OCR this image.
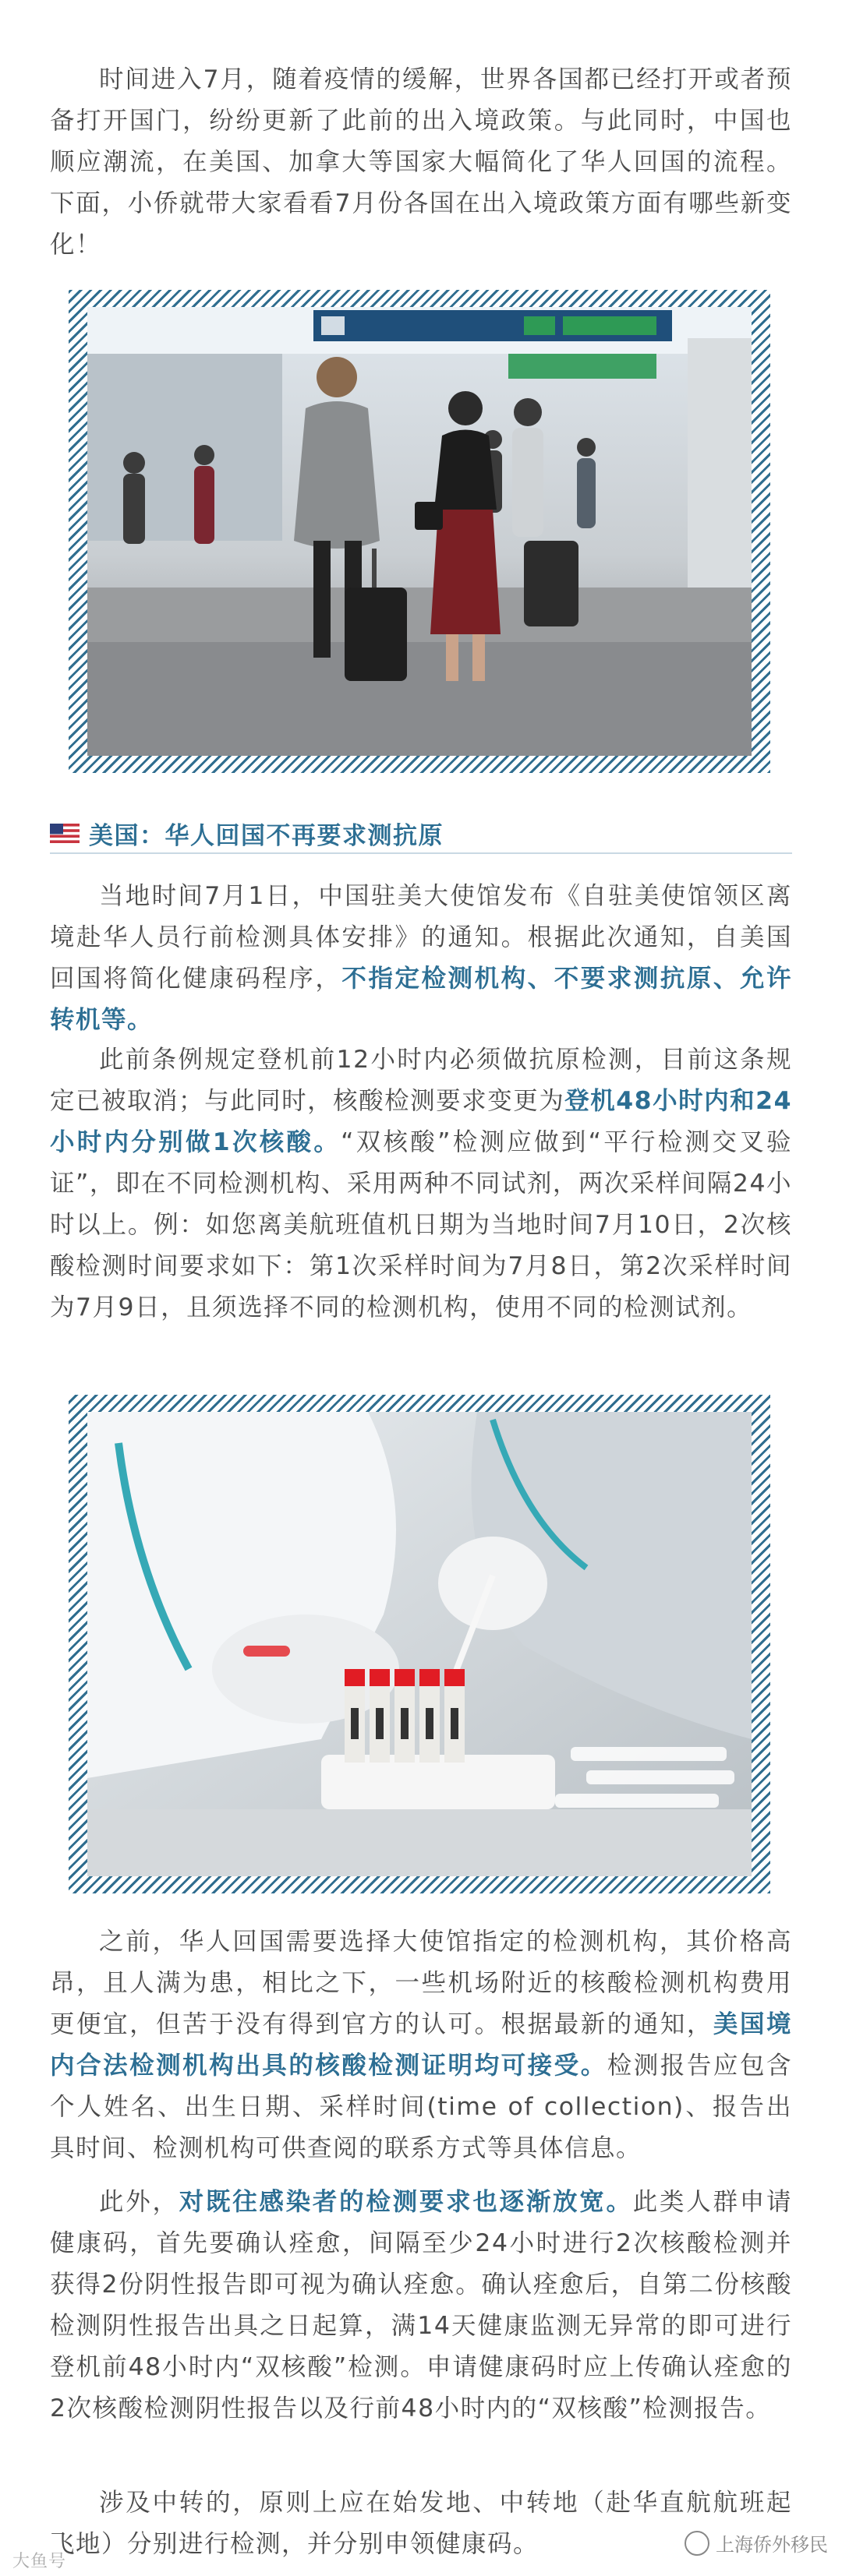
时间进入7月，随着疫情的缓解，世界各国都已经打开或者预备打开国门，纷纷更新了此前的出入境政策。与此同时，中国也顺应潮流，在美国、加拿大等国家大幅简化了华人回国的流程。下面，小侨就带大家看看7月份各国在出入境政策方面有哪些新变化！

美国：华人回国不再要求测抗原

当地时间7月1日，中国驻美大使馆发布《自驻美使馆领区离境赴华人员行前检测具体安排》的通知。根据此次通知，自美国回国将简化健康码程序，不指定检测机构、不要求测抗原、允许转机等。

此前条例规定登机前12小时内必须做抗原检测，目前这条规定已被取消；与此同时，核酸检测要求变更为登机48小时内和24小时内分别做1次核酸。“双核酸”检测应做到“平行检测交叉验证”，即在不同检测机构、采用两种不同试剂，两次采样间隔24小时以上。例：如您离美航班值机日期为当地时间7月10日，2次核酸检测时间要求如下：第1次采样时间为7月8日，第2次采样时间为7月9日，且须选择不同的检测机构，使用不同的检测试剂。

之前，华人回国需要选择大使馆指定的检测机构，其价格高昂，且人满为患，相比之下，一些机场附近的核酸检测机构费用更便宜，但苦于没有得到官方的认可。根据最新的通知，美国境内合法检测机构出具的核酸检测证明均可接受。检测报告应包含个人姓名、出生日期、采样时间(time of collection)、报告出具时间、检测机构可供查阅的联系方式等具体信息。

此外，对既往感染者的检测要求也逐渐放宽。此类人群申请健康码，首先要确认痊愈，间隔至少24小时进行2次核酸检测并获得2份阴性报告即可视为确认痊愈。确认痊愈后，自第二份核酸检测阴性报告出具之日起算，满14天健康监测无异常的即可进行登机前48小时内“双核酸”检测。申请健康码时应上传确认痊愈的2次核酸检测阴性报告以及行前48小时内的“双核酸”检测报告。

涉及中转的，原则上应在始发地、中转地（赴华直航航班起飞地）分别进行检测，并分别申领健康码。

大鱼号
上海侨外移民
